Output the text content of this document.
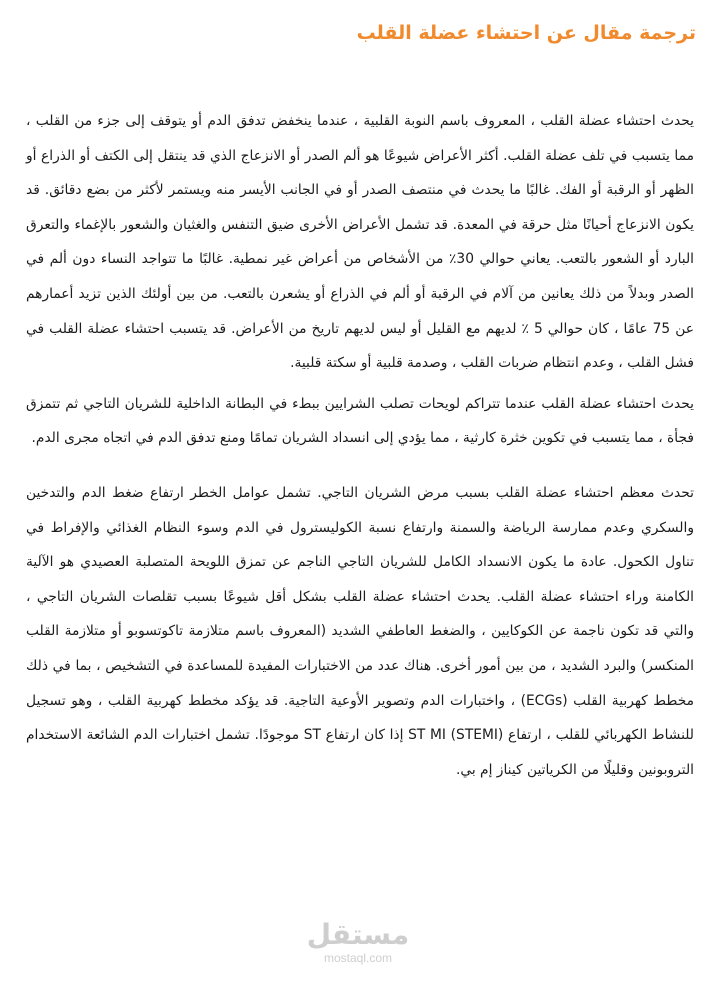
ترجمة مقال عن احتشاء عضلة القلب

يحدث احتشاء عضلة القلب ، المعروف باسم النوبة القلبية ، عندما ينخفض تدفق الدم أو يتوقف إلى جزء من القلب ، مما يتسبب في تلف عضلة القلب. أكثر الأعراض شيوعًا هو ألم الصدر أو الانزعاج الذي قد ينتقل إلى الكتف أو الذراع أو الظهر أو الرقبة أو الفك. غالبًا ما يحدث في منتصف الصدر أو في الجانب الأيسر منه ويستمر لأكثر من بضع دقائق. قد يكون الانزعاج أحيانًا مثل حرقة في المعدة. قد تشمل الأعراض الأخرى ضيق التنفس والغثيان والشعور بالإغماء والتعرق البارد أو الشعور بالتعب. يعاني حوالي 30٪ من الأشخاص من أعراض غير نمطية. غالبًا ما تتواجد النساء دون ألم في الصدر وبدلاً من ذلك يعانين من آلام في الرقبة أو ألم في الذراع أو يشعرن بالتعب. من بين أولئك الذين تزيد أعمارهم عن 75 عامًا ، كان حوالي 5 ٪ لديهم مع القليل أو ليس لديهم تاريخ من الأعراض. قد يتسبب احتشاء عضلة القلب في فشل القلب ، وعدم انتظام ضربات القلب ، وصدمة قلبية أو سكتة قلبية.

يحدث احتشاء عضلة القلب عندما تتراكم لويحات تصلب الشرايين ببطء في البطانة الداخلية للشريان التاجي ثم تتمزق فجأة ، مما يتسبب في تكوين خثرة كارثية ، مما يؤدي إلى انسداد الشريان تمامًا ومنع تدفق الدم في اتجاه مجرى الدم.

تحدث معظم احتشاء عضلة القلب بسبب مرض الشريان التاجي. تشمل عوامل الخطر ارتفاع ضغط الدم والتدخين والسكري وعدم ممارسة الرياضة والسمنة وارتفاع نسبة الكوليسترول في الدم وسوء النظام الغذائي والإفراط في تناول الكحول. عادة ما يكون الانسداد الكامل للشريان التاجي الناجم عن تمزق اللويحة المتصلبة العصيدي هو الآلية الكامنة وراء احتشاء عضلة القلب. يحدث احتشاء عضلة القلب بشكل أقل شيوعًا بسبب تقلصات الشريان التاجي ، والتي قد تكون ناجمة عن الكوكايين ، والضغط العاطفي الشديد (المعروف باسم متلازمة تاكوتسوبو أو متلازمة القلب المنكسر) والبرد الشديد ، من بين أمور أخرى. هناك عدد من الاختبارات المفيدة للمساعدة في التشخيص ، بما في ذلك مخطط كهربية القلب (ECGs) ، واختبارات الدم وتصوير الأوعية التاجية. قد يؤكد مخطط كهربية القلب ، وهو تسجيل للنشاط الكهربائي للقلب ، ارتفاع ST MI (STEMI) إذا كان ارتفاع ST موجودًا. تشمل اختبارات الدم الشائعة الاستخدام التروبونين وقليلًا من الكرياتين كيناز إم بي.

مستقل
mostaql.com
